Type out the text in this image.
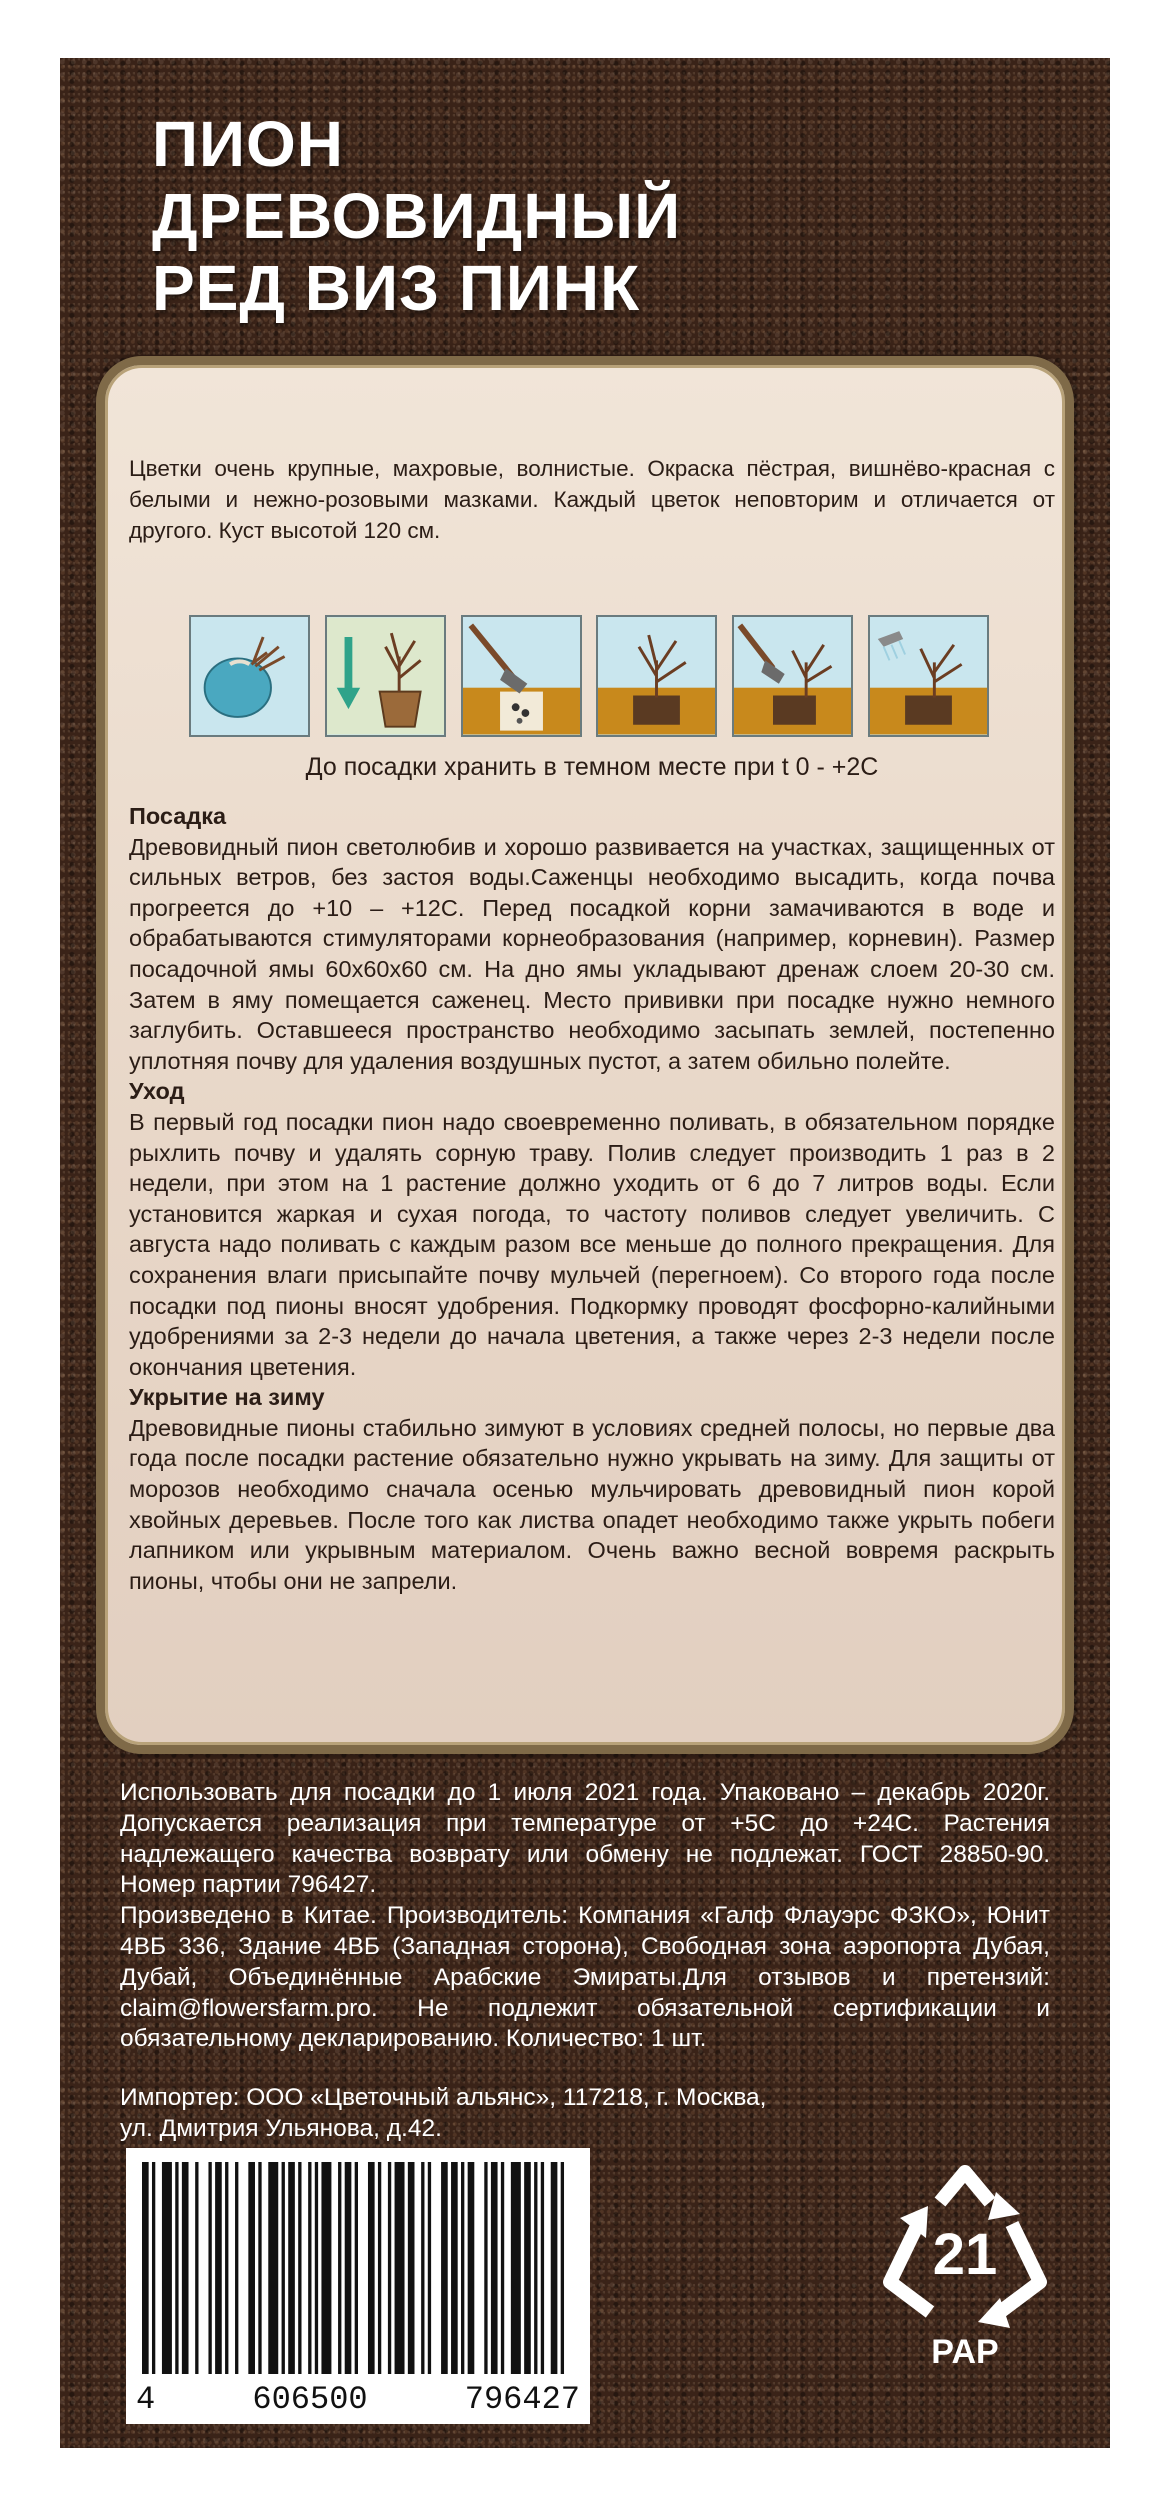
ПИОН
ДРЕВОВИДНЫЙ
РЕД ВИЗ ПИНК

Цветки очень крупные, махровые, волнистые. Окраска пёстрая, вишнёво-красная с белыми и нежно-розовыми мазками. Каждый цветок неповторим и отличается от другого. Куст высотой 120 см.

До посадки хранить в темном месте при t 0 - +2C

Посадка

Древовидный пион светолюбив и хорошо развивается на участках, защищенных от сильных ветров, без застоя воды.Саженцы необходимо высадить, когда почва прогреется до +10 – +12С. Перед посадкой корни замачиваются в воде и обрабатываются стимуляторами корнеобразования (например, корневин). Размер посадочной ямы 60х60х60 см. На дно ямы укладывают дренаж слоем 20-30 см. Затем в яму помещается саженец. Место прививки при посадке нужно немного заглубить. Оставшееся пространство необходимо засыпать землей, постепенно уплотняя почву для удаления воздушных пустот, а затем обильно полейте.

Уход

В первый год посадки пион надо своевременно поливать, в обязательном порядке рыхлить почву и удалять сорную траву. Полив следует производить 1 раз в 2 недели, при этом на 1 растение должно уходить от 6 до 7 литров воды. Если установится жаркая и сухая погода, то частоту поливов следует увеличить. С августа надо поливать с каждым разом все меньше до полного прекращения. Для сохранения влаги присыпайте почву мульчей (перегноем). Со второго года после посадки под пионы вносят удобрения. Подкормку проводят фосфорно-калийными удобрениями за 2-3 недели до начала цветения, а также через 2-3 недели после окончания цветения.

Укрытие на зиму

Древовидные пионы стабильно зимуют в условиях средней полосы, но первые два года после посадки растение обязательно нужно укрывать на зиму. Для защиты от морозов необходимо сначала осенью мульчировать древовидный пион корой хвойных деревьев. После того как листва опадет необходимо также укрыть побеги лапником или укрывным материалом. Очень важно весной вовремя раскрыть пионы, чтобы они не запрели.

Использовать для посадки до 1 июля 2021 года. Упаковано – декабрь 2020г. Допускается реализация при температуре от +5С до +24С. Растения надлежащего качества возврату или обмену не подлежат. ГОСТ 28850-90. Номер партии 796427.

Произведено в Китае. Производитель: Компания «Галф Флауэрс ФЗКО», Юнит 4ВБ 336, Здание 4ВБ (Западная сторона), Свободная зона аэропорта Дубая, Дубай, Объединённые Арабские Эмираты.Для отзывов и претензий: claim@flowersfarm.pro. Не подлежит обязательной сертификации и обязательному декларированию. Количество: 1 шт.

Импортер: ООО «Цветочный альянс», 117218, г. Москва,
ул. Дмитрия Ульянова, д.42.

4	606500	796427
21
PAP
